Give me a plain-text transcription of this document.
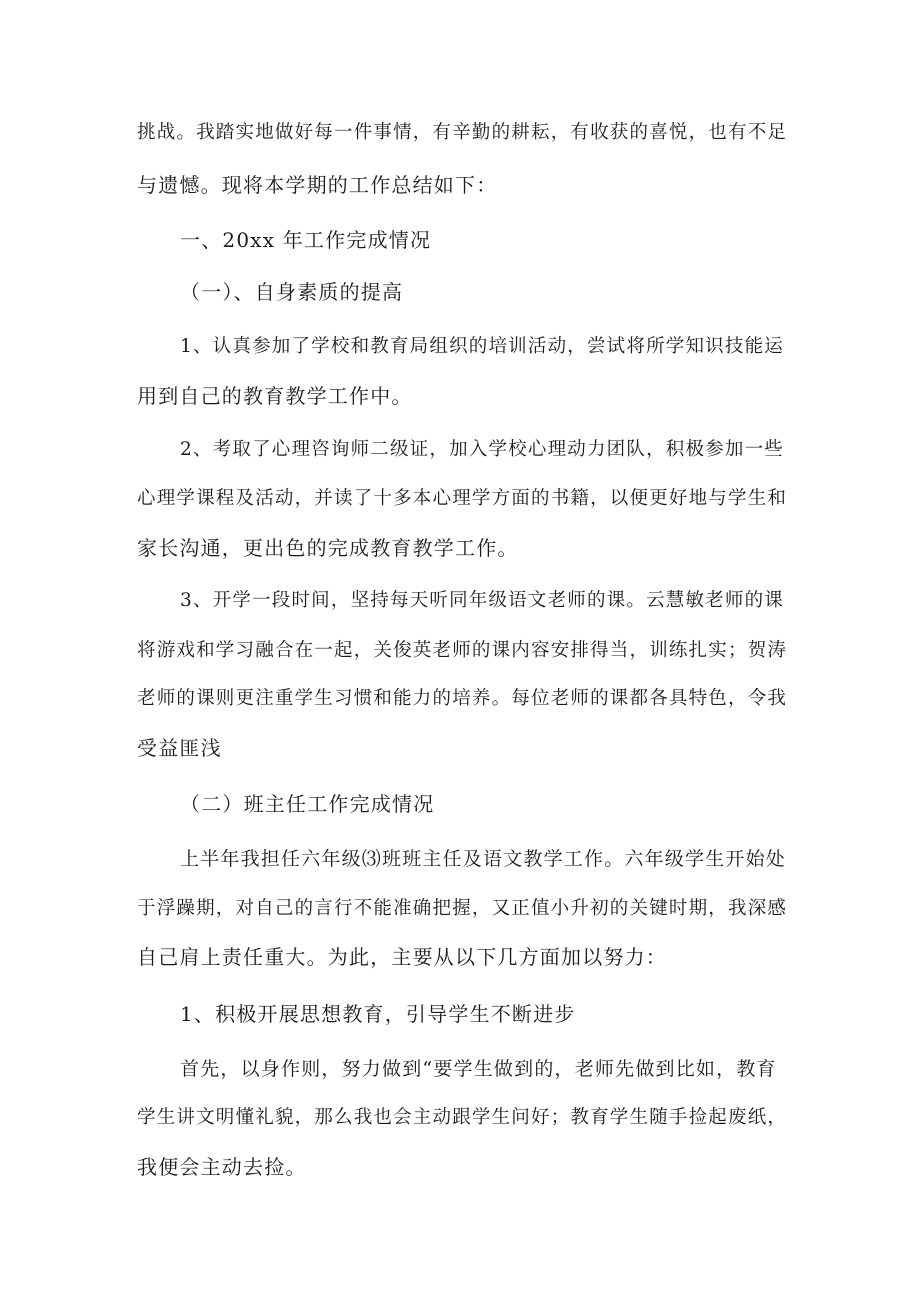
挑战。我踏实地做好每一件事情，有辛勤的耕耘，有收获的喜悦，也有不足
与遗憾。现将本学期的工作总结如下：
一、20xx 年工作完成情况
（一）、自身素质的提高
1、认真参加了学校和教育局组织的培训活动，尝试将所学知识技能运
用到自己的教育教学工作中。
2、考取了心理咨询师二级证，加入学校心理动力团队，积极参加一些
心理学课程及活动，并读了十多本心理学方面的书籍，以便更好地与学生和
家长沟通，更出色的完成教育教学工作。
3、开学一段时间，坚持每天听同年级语文老师的课。云慧敏老师的课
将游戏和学习融合在一起，关俊英老师的课内容安排得当，训练扎实；贺涛
老师的课则更注重学生习惯和能力的培养。每位老师的课都各具特色，令我
受益匪浅
（二）班主任工作完成情况
上半年我担任六年级⑶班班主任及语文教学工作。六年级学生开始处
于浮躁期，对自己的言行不能准确把握，又正值小升初的关键时期，我深感
自己肩上责任重大。为此，主要从以下几方面加以努力：
1、积极开展思想教育，引导学生不断进步
首先，以身作则，努力做到“要学生做到的，老师先做到比如，教育
学生讲文明懂礼貌，那么我也会主动跟学生问好；教育学生随手捡起废纸，
我便会主动去捡。
